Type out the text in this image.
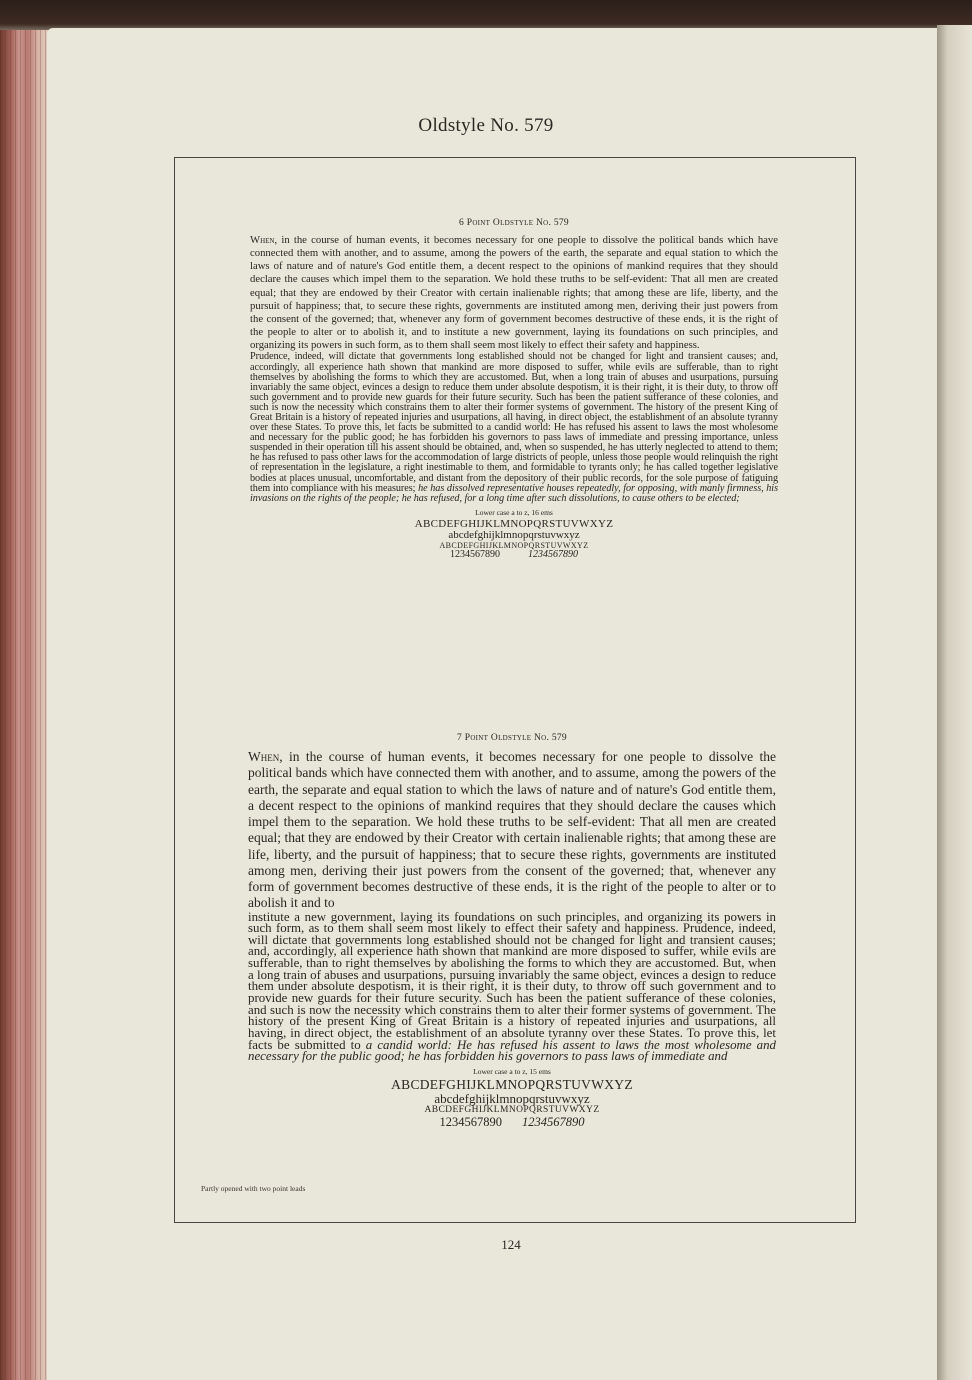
Oldstyle No. 579
6 Point Oldstyle No. 579

When, in the course of human events, it becomes necessary for one people to dissolve the political bands which have connected them with another, and to assume, among the powers of the earth, the separate and equal station to which the laws of nature and of nature's God entitle them, a decent respect to the opinions of mankind requires that they should declare the causes which impel them to the separation. We hold these truths to be self-evident: That all men are created equal; that they are endowed by their Creator with certain inalienable rights; that among these are life, liberty, and the pursuit of happiness; that, to secure these rights, governments are instituted among men, deriving their just powers from the consent of the governed; that, whenever any form of government becomes destructive of these ends, it is the right of the people to alter or to abolish it, and to institute a new government, laying its foundations on such principles, and organizing its powers in such form, as to them shall seem most likely to effect their safety and happiness.

Prudence, indeed, will dictate that governments long established should not be changed for light and transient causes; and, accordingly, all experience hath shown that mankind are more disposed to suffer, while evils are sufferable, than to right themselves by abolishing the forms to which they are accustomed. But, when a long train of abuses and usurpations, pursuing invariably the same object, evinces a design to reduce them under absolute despotism, it is their right, it is their duty, to throw off such government and to provide new guards for their future security. Such has been the patient sufferance of these colonies, and such is now the necessity which constrains them to alter their former systems of government. The history of the present King of Great Britain is a history of repeated injuries and usurpations, all having, in direct object, the establishment of an absolute tyranny over these States. To prove this, let facts be submitted to a candid world: He has refused his assent to laws the most wholesome and necessary for the public good; he has forbidden his governors to pass laws of immediate and pressing importance, unless suspended in their operation till his assent should be obtained, and, when so suspended, he has utterly neglected to attend to them; he has refused to pass other laws for the accommodation of large districts of people, unless those people would relinquish the right of representation in the legislature, a right inestimable to them, and formidable to tyrants only; he has called together legislative bodies at places unusual, uncomfortable, and distant from the depository of their public records, for the sole purpose of fatiguing them into compliance with his measures; he has dissolved representative houses repeatedly, for opposing, with manly firmness, his invasions on the rights of the people; he has refused, for a long time after such dissolutions, to cause others to be elected;

Lower case a to z, 16 ems

ABCDEFGHIJKLMNOPQRSTUVWXYZ

abcdefghijklmnopqrstuvwxyz

ABCDEFGHIJKLMNOPQRSTUVWXYZ

1234567890	1234567890

7 Point Oldstyle No. 579

When, in the course of human events, it becomes necessary for one people to dissolve the political bands which have connected them with another, and to assume, among the powers of the earth, the separate and equal station to which the laws of nature and of nature's God entitle them, a decent respect to the opinions of mankind requires that they should declare the causes which impel them to the separation. We hold these truths to be self-evident: That all men are created equal; that they are endowed by their Creator with certain inalienable rights; that among these are life, liberty, and the pursuit of happiness; that to secure these rights, governments are instituted among men, deriving their just powers from the consent of the governed; that, whenever any form of government becomes destructive of these ends, it is the right of the people to alter or to abolish it and to

institute a new government, laying its foundations on such principles, and organizing its powers in such form, as to them shall seem most likely to effect their safety and happiness. Prudence, indeed, will dictate that governments long established should not be changed for light and transient causes; and, accordingly, all experience hath shown that mankind are more disposed to suffer, while evils are sufferable, than to right themselves by abolishing the forms to which they are accustomed. But, when a long train of abuses and usurpations, pursuing invariably the same object, evinces a design to reduce them under absolute despotism, it is their right, it is their duty, to throw off such government and to provide new guards for their future security. Such has been the patient sufferance of these colonies, and such is now the necessity which constrains them to alter their former systems of government. The history of the present King of Great Britain is a history of repeated injuries and usurpations, all having, in direct object, the establishment of an absolute tyranny over these States. To prove this, let facts be submitted to a candid world: He has refused his assent to laws the most wholesome and necessary for the public good; he has forbidden his governors to pass laws of immediate and

Lower case a to z, 15 ems

ABCDEFGHIJKLMNOPQRSTUVWXYZ

abcdefghijklmnopqrstuvwxyz

ABCDEFGHIJKLMNOPQRSTUVWXYZ

1234567890 1234567890

Partly opened with two point leads
124
